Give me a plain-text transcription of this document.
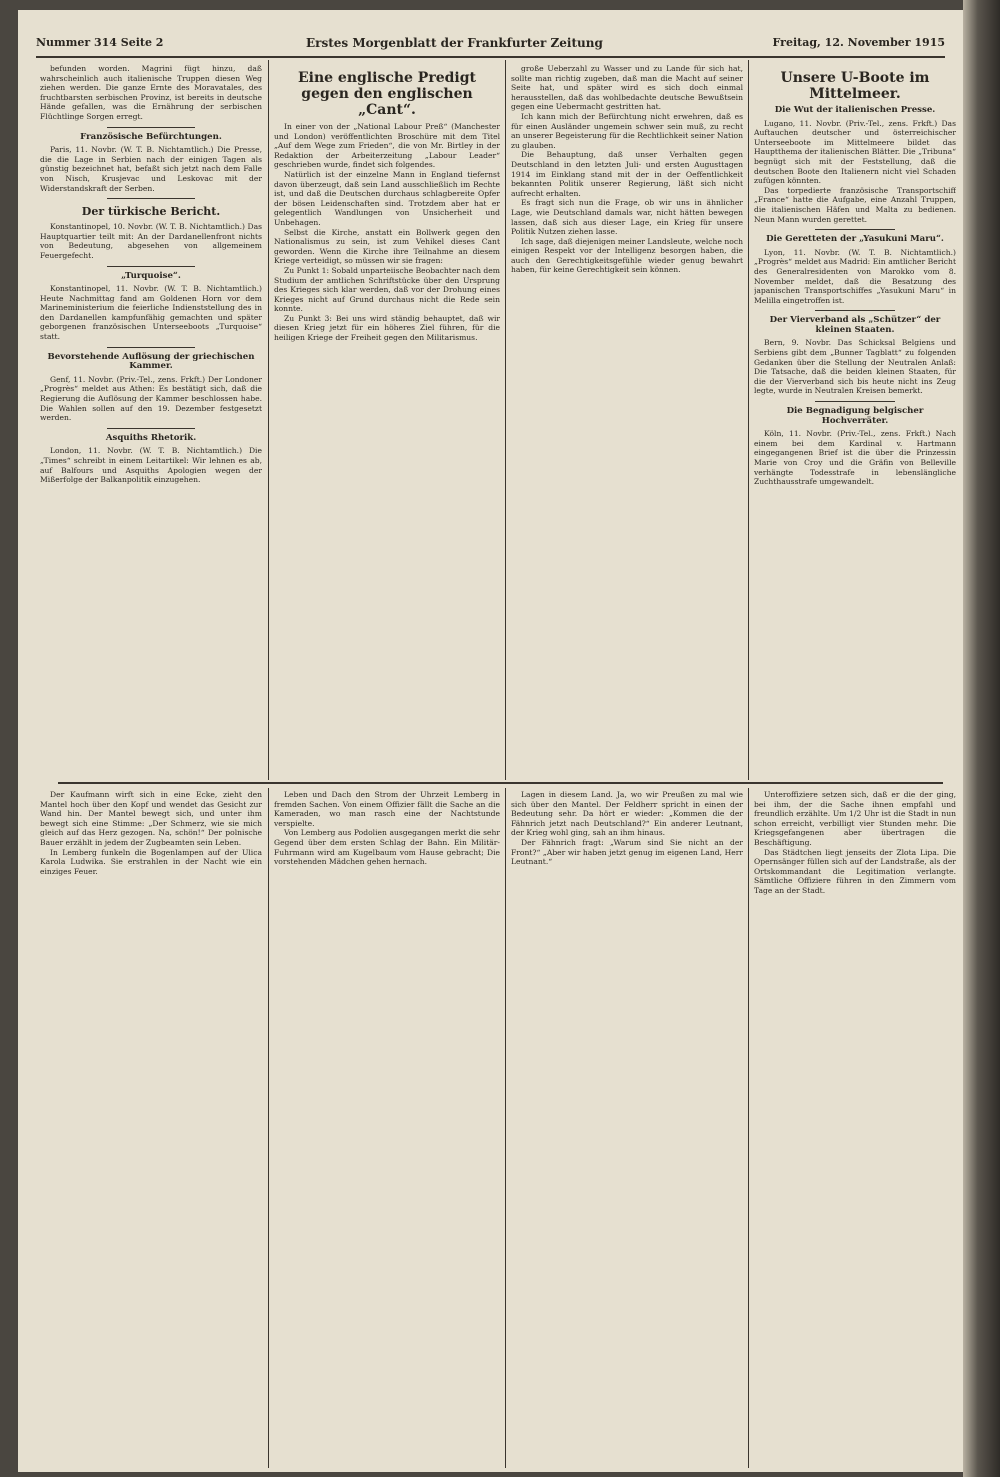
Nummer 314 Seite 2	Erstes Morgenblatt der Frankfurter Zeitung	Freitag, 12. November 1915

befunden worden. Magrini fügt hinzu, daß wahrscheinlich auch italienische Truppen diesen Weg ziehen werden. Die ganze Ernte des Moravatales, des fruchtbarsten serbischen Provinz, ist bereits in deutsche Hände gefallen, was die Ernährung der serbischen Flüchtlinge Sorgen erregt.

Französische Befürchtungen.

Paris, 11. Novbr. (W. T. B. Nichtamtlich.) Die Presse, die die Lage in Serbien nach der einigen Tagen als günstig bezeichnet hat, befaßt sich jetzt nach dem Falle von Nisch, Krusjevac und Leskovac mit der Widerstandskraft der Serben.

Der türkische Bericht.

Konstantinopel, 10. Novbr. (W. T. B. Nichtamtlich.) Das Hauptquartier teilt mit: An der Dardanellenfront nichts von Bedeutung, abgesehen von allgemeinem Feuergefecht.

„Turquoise“.

Konstantinopel, 11. Novbr. (W. T. B. Nichtamtlich.) Heute Nachmittag fand am Goldenen Horn vor dem Marineministerium die feierliche Indienststellung des in den Dardanellen kampfunfähig gemachten und später geborgenen französischen Unterseeboots „Turquoise“ statt.

Bevorstehende Auflösung der griechischen Kammer.

Genf, 11. Novbr. (Priv.-Tel., zens. Frkft.) Der Londoner „Progrès“ meldet aus Athen: Es bestätigt sich, daß die Regierung die Auflösung der Kammer beschlossen habe. Die Wahlen sollen auf den 19. Dezember festgesetzt werden.

Asquiths Rhetorik.

London, 11. Novbr. (W. T. B. Nichtamtlich.) Die „Times“ schreibt in einem Leitartikel: Wir lehnen es ab, auf Balfours und Asquiths Apologien wegen der Mißerfolge der Balkanpolitik einzugehen.

Eine englische Predigt gegen den englischen „Cant“.

In einer von der „National Labour Preß“ (Manchester und London) veröffentlichten Broschüre mit dem Titel „Auf dem Wege zum Frieden“, die von Mr. Birtley in der Redaktion der Arbeiterzeitung „Labour Leader“ geschrieben wurde, findet sich folgendes.

Natürlich ist der einzelne Mann in England tiefernst davon überzeugt, daß sein Land ausschließlich im Rechte ist, und daß die Deutschen durchaus schlagbereite Opfer der bösen Leidenschaften sind. Trotzdem aber hat er gelegentlich Wandlungen von Unsicherheit und Unbehagen.

Selbst die Kirche, anstatt ein Bollwerk gegen den Nationalismus zu sein, ist zum Vehikel dieses Cant geworden. Wenn die Kirche ihre Teilnahme an diesem Kriege verteidigt, so müssen wir sie fragen:

Zu Punkt 1: Sobald unparteiische Beobachter nach dem Studium der amtlichen Schriftstücke über den Ursprung des Krieges sich klar werden, daß vor der Drohung eines Krieges nicht auf Grund durchaus nicht die Rede sein konnte.

Zu Punkt 3: Bei uns wird ständig behauptet, daß wir diesen Krieg jetzt für ein höheres Ziel führen, für die heiligen Kriege der Freiheit gegen den Militarismus.

große Ueberzahl zu Wasser und zu Lande für sich hat, sollte man richtig zugeben, daß man die Macht auf seiner Seite hat, und später wird es sich doch einmal herausstellen, daß das wohlbedachte deutsche Bewußtsein gegen eine Uebermacht gestritten hat.

Ich kann mich der Befürchtung nicht erwehren, daß es für einen Ausländer ungemein schwer sein muß, zu recht an unserer Begeisterung für die Rechtlichkeit seiner Nation zu glauben.

Die Behauptung, daß unser Verhalten gegen Deutschland in den letzten Juli- und ersten Augusttagen 1914 im Einklang stand mit der in der Oeffentlichkeit bekannten Politik unserer Regierung, läßt sich nicht aufrecht erhalten.

Es fragt sich nun die Frage, ob wir uns in ähnlicher Lage, wie Deutschland damals war, nicht hätten bewegen lassen, daß sich aus dieser Lage, ein Krieg für unsere Politik Nutzen ziehen lasse.

Ich sage, daß diejenigen meiner Landsleute, welche noch einigen Respekt vor der Intelligenz besorgen haben, die auch den Gerechtigkeitsgefühle wieder genug bewahrt haben, für keine Gerechtigkeit sein können.

Unsere U-Boote im Mittelmeer.
Die Wut der italienischen Presse.

Lugano, 11. Novbr. (Priv.-Tel., zens. Frkft.) Das Auftauchen deutscher und österreichischer Unterseeboote im Mittelmeere bildet das Hauptthema der italienischen Blätter. Die „Tribuna“ begnügt sich mit der Feststellung, daß die deutschen Boote den Italienern nicht viel Schaden zufügen könnten.

Das torpedierte französische Transportschiff „France“ hatte die Aufgabe, eine Anzahl Truppen, die italienischen Häfen und Malta zu bedienen. Neun Mann wurden gerettet.

Die Geretteten der „Yasukuni Maru“.

Lyon, 11. Novbr. (W. T. B. Nichtamtlich.) „Progrès“ meldet aus Madrid: Ein amtlicher Bericht des Generalresidenten von Marokko vom 8. November meldet, daß die Besatzung des japanischen Transportschiffes „Yasukuni Maru“ in Melilla eingetroffen ist.

Der Vierverband als „Schützer“ der kleinen Staaten.

Bern, 9. Novbr. Das Schicksal Belgiens und Serbiens gibt dem „Bunner Tagblatt“ zu folgenden Gedanken über die Stellung der Neutralen Anlaß: Die Tatsache, daß die beiden kleinen Staaten, für die der Vierverband sich bis heute nicht ins Zeug legte, wurde in Neutralen Kreisen bemerkt.

Die Begnadigung belgischer Hochverräter.

Köln, 11. Novbr. (Priv.-Tel., zens. Frkft.) Nach einem bei dem Kardinal v. Hartmann eingegangenen Brief ist die über die Prinzessin Marie von Croy und die Gräfin von Belleville verhängte Todesstrafe in lebenslängliche Zuchthausstrafe umgewandelt.

Der Kaufmann wirft sich in eine Ecke, zieht den Mantel hoch über den Kopf und wendet das Gesicht zur Wand hin. Der Mantel bewegt sich, und unter ihm bewegt sich eine Stimme: „Der Schmerz, wie sie mich gleich auf das Herz gezogen. Na, schön!“ Der polnische Bauer erzählt in jedem der Zugbeamten sein Leben.

In Lemberg funkeln die Bogenlampen auf der Ulica Karola Ludwika. Sie erstrahlen in der Nacht wie ein einziges Feuer.

Leben und Dach den Strom der Uhrzeit Lemberg in fremden Sachen. Von einem Offizier fällt die Sache an die Kameraden, wo man rasch eine der Nachtstunde verspielte.

Von Lemberg aus Podolien ausgegangen merkt die sehr Gegend über dem ersten Schlag der Bahn. Ein Militär-Fuhrmann wird am Kugelbaum vom Hause gebracht; Die vorstehenden Mädchen gehen hernach.

Lagen in diesem Land. Ja, wo wir Preußen zu mal wie sich über den Mantel. Der Feldherr spricht in einen der Bedeutung sehr. Da hört er wieder: „Kommen die der Fähnrich jetzt nach Deutschland?“ Ein anderer Leutnant, der Krieg wohl ging, sah an ihm hinaus.

Der Fähnrich fragt: „Warum sind Sie nicht an der Front?“ „Aber wir haben jetzt genug im eigenen Land, Herr Leutnant.“

Unteroffiziere setzen sich, daß er die der ging, bei ihm, der die Sache ihnen empfahl und freundlich erzählte. Um 1/2 Uhr ist die Stadt in nun schon erreicht, verbilligt vier Stunden mehr. Die Kriegsgefangenen aber übertragen die Beschäftigung.

Das Städtchen liegt jenseits der Zlota Lipa. Die Opernsänger füllen sich auf der Landstraße, als der Ortskommandant die Legitimation verlangte. Sämtliche Offiziere führen in den Zimmern vom Tage an der Stadt.
